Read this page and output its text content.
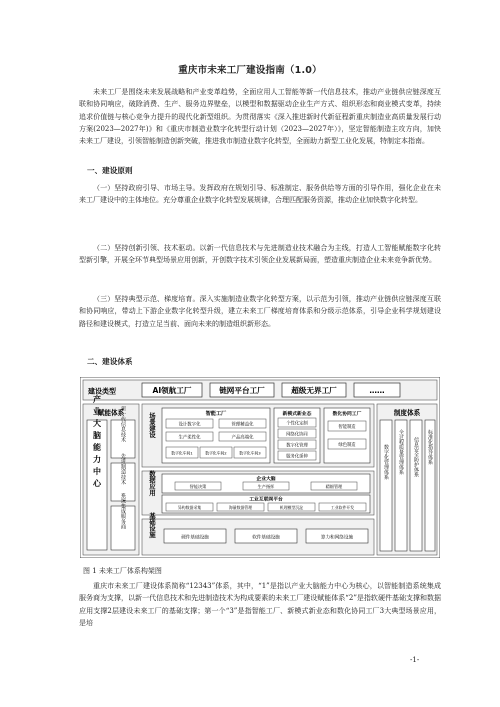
重庆市未来工厂建设指南（1.0）

未来工厂是围绕未来发展战略和产业变革趋势，全面应用人工智能等新一代信息技术，推动产业链供应链深度互联和协同响应，破除消费、生产、服务边界壁垒，以模型和数据驱动企业生产方式、组织形态和商业模式变革，持续追求价值链与核心竞争力提升的现代化新型组织。为贯彻落实《深入推进新时代新征程新重庆制造业高质量发展行动方案(2023—2027年)》和《重庆市制造业数字化转型行动计划（2023—2027年）》，坚定智能制造主攻方向，加快未来工厂建设，引领智能制造创新突破，推进我市制造业数字化转型，全面助力新型工业化发展，特制定本指南。

一、建设原则

（一）坚持政府引导、市场主导。发挥政府在规划引导、标准制定、服务供给等方面的引导作用，强化企业在未来工厂建设中的主体地位。充分尊重企业数字化转型发展规律，合理匹配服务资源，推动企业加快数字化转型。

（二）坚持创新引领、技术驱动。以新一代信息技术与先进制造业技术融合为主线，打造人工智能赋能数字化转型新引擎，开展全环节典型场景应用创新，开创数字技术引领企业发展新局面，塑造重庆制造企业未来竞争新优势。

（三）坚持典型示范、梯度培育。深入实施制造业数字化转型方案，以示范为引领，推动产业链供应链深度互联和协同响应，带动上下游企业数字化转型升级，建立未来工厂梯度培育体系和分级示范体系，引导企业科学规划建设路径和建设模式，打造立足当前、面向未来的制造组织新形态。

二、建设体系
建设类型	AI领航工厂	链网平台工厂	超级无界工厂	……
赋能体系
产业大脑能力中心	新一代信息技术
先进制造技术
系统集成服务商
场景建设	智能工厂
设计数字化	管理精益化
生产柔性化	产品高端化
数字化车间1	数字化车间2	数字化车间3
新模式新业态
个性化定制
网络化协同
数字化管理
服务化延伸
数化协同工厂
智能制造
绿色制造
数据应用	企业大脑
智能决策	生产指挥	精细管理
工业互联网平台
异构数据采集	海量数据管理	机理模型沉淀	工业软件开发
基础设施
硬件基础设施	软件基础设施	算力和网络设施
制度体系
数字化管理体系 全过程质量管理体系 信息安全防护体系 标准化指导体系
图 1 未来工厂体系构架图

重庆市未来工厂建设体系简称“12343”体系，其中，“1”是指以产业大脑能力中心为核心，以智能制造系统集成服务商为支撑，以新一代信息技术和先进制造技术为构成要素的未来工厂建设赋能体系“2”是指软硬件基础支撑和数据应用支撑2层建设未来工厂的基础支撑；第一个“3”是指智能工厂、新模式新业态和数化协同工厂3大典型场景应用，是培

-1-
